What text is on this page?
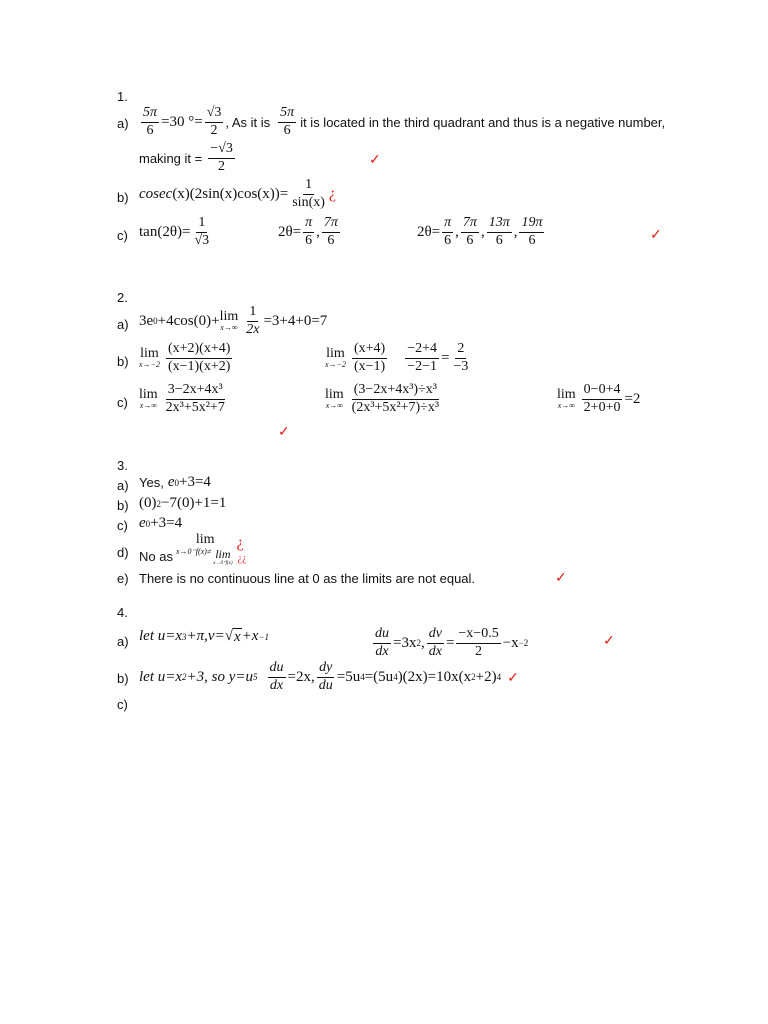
1.
$a) \frac{5\pi}{6} =30$ °= $\frac{√3}{2}$ , As it is $\frac{5\pi}{6}$ it is located in the third quadrant and thus is a negative number,
making it = $\frac{-√3}{2}$	✓
b) cosec $(x)(2\sin(x)\cos(x))= \frac{1}{\sin(x)}$ ¿
c) $\tan(2\theta)= \frac{1}{√3}$	$2\theta= \frac{\pi}{6}$ , $\frac{7\pi}{6}$	$2\theta= \frac{\pi}{6}$ , $\frac{7\pi}{6}$ , $\frac{13\pi}{6}$ , $\frac{19\pi}{6}$	✓
2.
a) 3e 0 +4cos(0)+ lim
$x\to\infty \frac{1}{2x} =3+4+0=7$
b)
lim
$x\to-2 \frac{(x+2)(x+4)}{(x-1)(x+2)}$	lim
$x\to-2 \frac{(x+4)}{(x-1)} \frac{-2+4}{-2-1} = \frac{2}{-3}$
c)
lim
$x\to\infty \frac{\text{3−2x+4x³}}{\text{2x³+5x²+7}}$	lim
$x\to\infty \frac{\text{(3−2x+4x³)÷x³}}{\text{(2x³+5x²+7)÷x³}}$	lim
$x\to\infty \frac{0-0+4}{2+0+0} =2$
✓
3.
a) Yes, e 0 +3=4
b) (0) 2 −7(0)+1=1
c) e 0 +3=4
d) No as
lim
x→0⁻f(x)≠ lim
x→0⁺f(x)
¿
¿¿
e) There is no continuous line at 0 as the limits are not equal.	✓
4.
a) let u=x 3 +π,v= √ x +x −1	$\frac{du}{dx} =3x$ 2 , $\frac{dv}{dx} = \frac{-x-0.5}{2} -x -2$	✓
b) let u=x 2 +3, so y=u $5 \frac{du}{dx} =2x$, $\frac{dy}{du} =5u$ 4 =(5u 4 )(2x)=10x(x 2 +2) 4 ✓
c)
